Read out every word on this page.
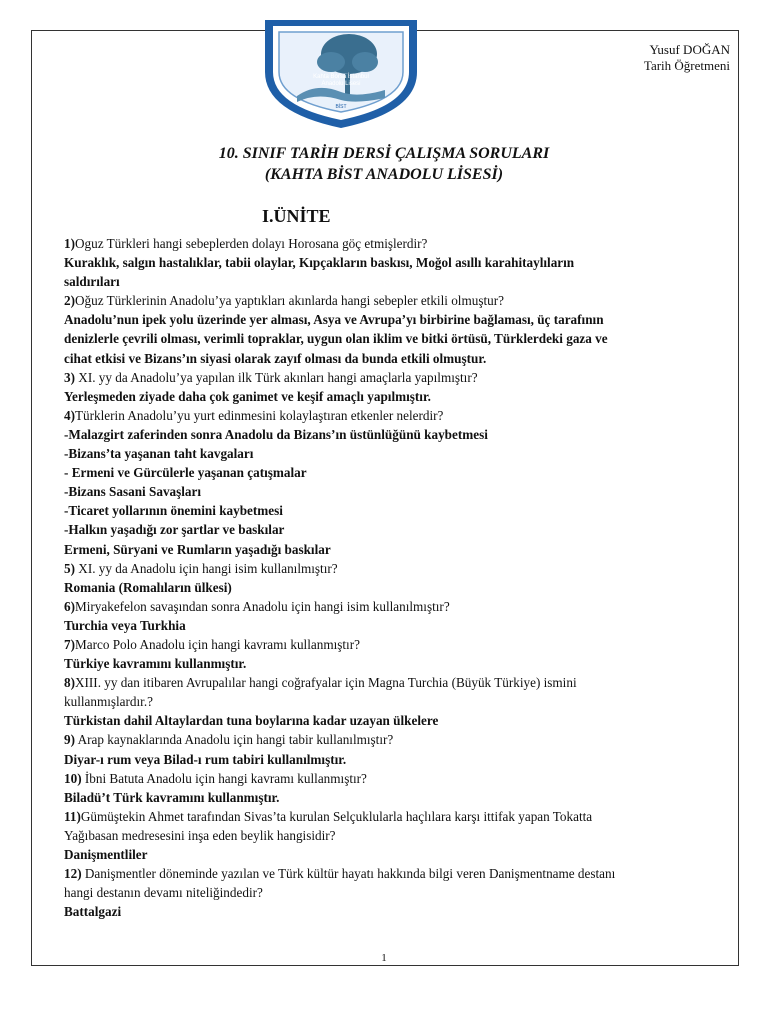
Kahta Borsa İstanbul
Anadolu Lisesi
BİST
Yusuf DOĞAN
Tarih Öğretmeni
10. SINIF TARİH DERSİ ÇALIŞMA SORULARI
(KAHTA BİST ANADOLU LİSESİ)
I.ÜNİTE
1)Oguz Türkleri hangi sebeplerden dolayı Horosana göç etmişlerdir?
Kuraklık, salgın hastalıklar, tabii olaylar, Kıpçakların baskısı, Moğol asıllı karahitaylıların
saldırıları
2)Oğuz Türklerinin Anadolu’ya yaptıkları akınlarda hangi sebepler etkili olmuştur?
Anadolu’nun ipek yolu üzerinde yer alması, Asya ve Avrupa’yı birbirine bağlaması, üç tarafının
denizlerle çevrili olması, verimli topraklar, uygun olan iklim ve bitki örtüsü, Türklerdeki gaza ve
cihat etkisi ve Bizans’ın siyasi olarak zayıf olması da bunda etkili olmuştur.
3) XI. yy da Anadolu’ya yapılan ilk Türk akınları hangi amaçlarla yapılmıştır?
Yerleşmeden ziyade daha çok ganimet ve keşif amaçlı yapılmıştır.
4)Türklerin Anadolu’yu yurt edinmesini kolaylaştıran etkenler nelerdir?
-Malazgirt zaferinden sonra Anadolu da Bizans’ın üstünlüğünü kaybetmesi
-Bizans’ta yaşanan taht kavgaları
- Ermeni ve Gürcülerle yaşanan çatışmalar
-Bizans Sasani Savaşları
-Ticaret yollarının önemini kaybetmesi
-Halkın yaşadığı zor şartlar ve baskılar
Ermeni, Süryani ve Rumların yaşadığı baskılar
5) XI. yy da Anadolu için hangi isim kullanılmıştır?
Romania (Romalıların ülkesi)
6)Miryakefelon savaşından sonra Anadolu için hangi isim kullanılmıştır?
Turchia veya Turkhia
7)Marco Polo Anadolu için hangi kavramı kullanmıştır?
Türkiye kavramını kullanmıştır.
8)XIII. yy dan itibaren Avrupalılar hangi coğrafyalar için Magna Turchia (Büyük Türkiye) ismini
kullanmışlardır.?
Türkistan dahil Altaylardan tuna boylarına kadar uzayan ülkelere
9) Arap kaynaklarında Anadolu için hangi tabir kullanılmıştır?
Diyar-ı rum veya Bilad-ı rum tabiri kullanılmıştır.
10) İbni Batuta Anadolu için hangi kavramı kullanmıştır?
Biladü’t Türk kavramını kullanmıştır.
11)Gümüştekin Ahmet tarafından Sivas’ta kurulan Selçuklularla haçlılara karşı ittifak yapan Tokatta
Yağıbasan medresesini inşa eden beylik hangisidir?
Danişmentliler
12) Danişmentler döneminde yazılan ve Türk kültür hayatı hakkında bilgi veren Danişmentname destanı
hangi destanın devamı niteliğindedir?
Battalgazi
1
